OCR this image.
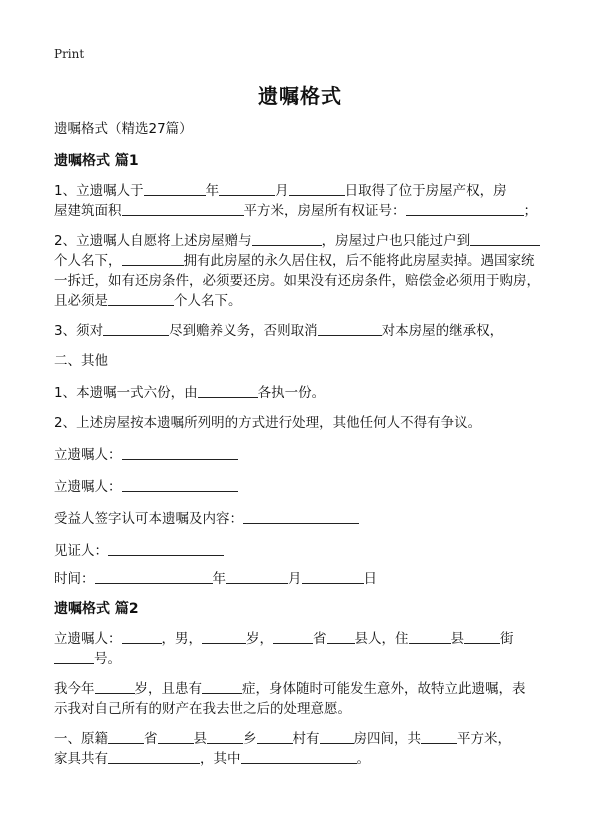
Print
遗嘱格式
遗嘱格式（精选27篇）
遗嘱格式 篇1
1、立遗嘱人于	年	月	日取得了位于房屋产权，房
屋建筑面积	平方米，房屋所有权证号：	；
2、立遗嘱人自愿将上述房屋赠与	，房屋过户也只能过户到
个人名下，	拥有此房屋的永久居住权，后不能将此房屋卖掉。遇国家统
一拆迁，如有还房条件，必须要还房。如果没有还房条件，赔偿金必须用于购房，
且必须是	个人名下。
3、须对	尽到赡养义务，否则取消	对本房屋的继承权，
二、其他
1、本遗嘱一式六份，由	各执一份。
2、上述房屋按本遗嘱所列明的方式进行处理，其他任何人不得有争议。
立遗嘱人：
立遗嘱人：
受益人签字认可本遗嘱及内容：
见证人：
时间：	年	月	日
遗嘱格式 篇2
立遗嘱人：	，男，	岁，	省 县人，住	县	街
号。
我今年	岁，且患有	症，身体随时可能发生意外，故特立此遗嘱，表
示我对自己所有的财产在我去世之后的处理意愿。
一、原籍	省	县	乡	村有	房四间，共	平方米，
家具共有	，其中	。
